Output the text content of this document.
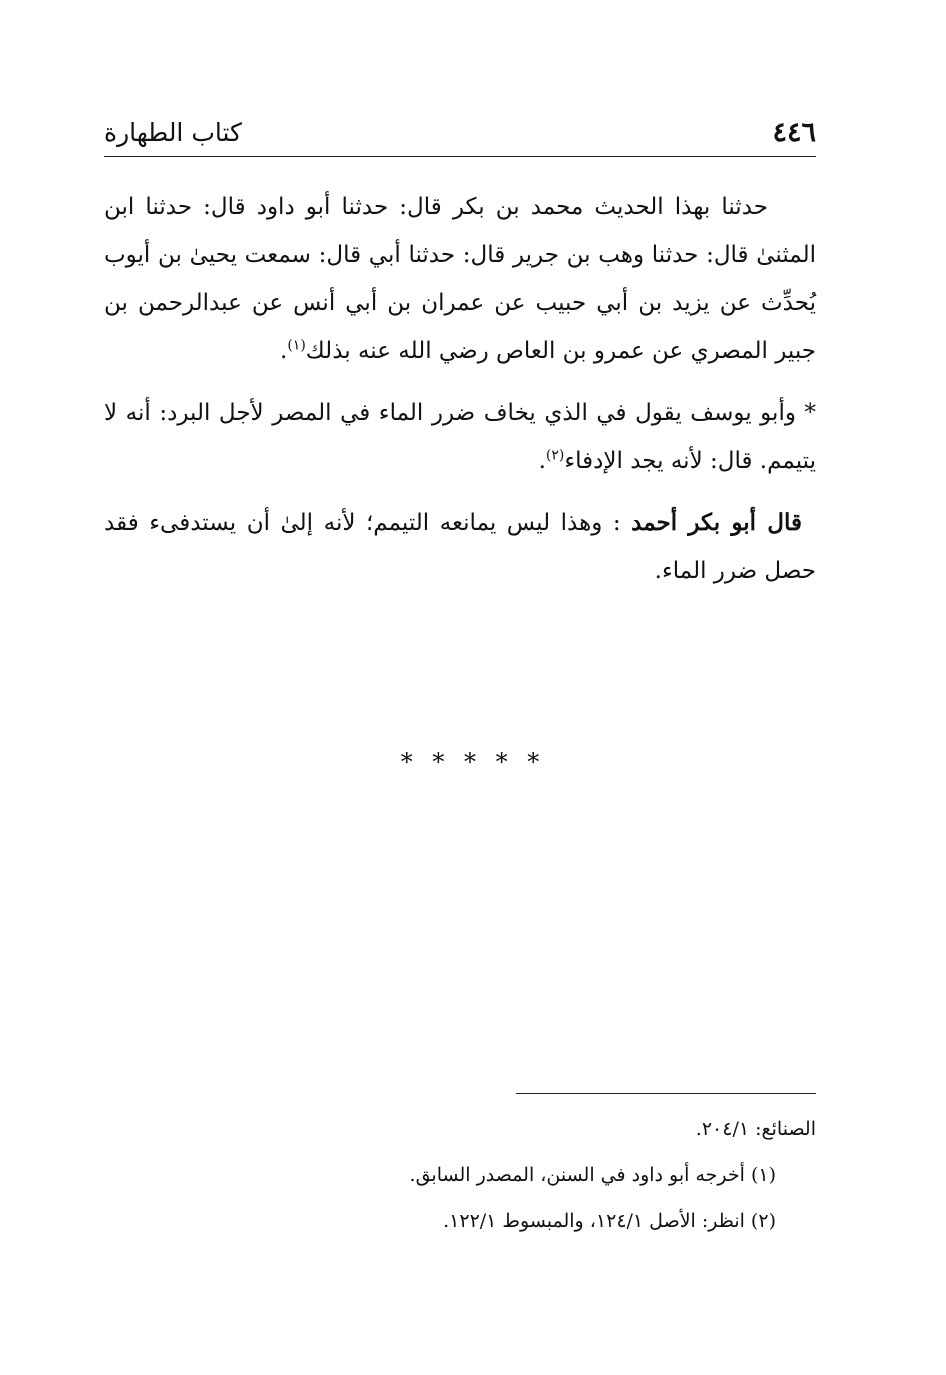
٤٤٦
كتاب الطهارة

حدثنا بهذا الحديث محمد بن بكر قال: حدثنا أبو داود قال: حدثنا ابن المثنىٰ قال: حدثنا وهب بن جرير قال: حدثنا أبي قال: سمعت يحيىٰ بن أيوب يُحدِّث عن يزيد بن أبي حبيب عن عمران بن أبي أنس عن عبدالرحمن بن جبير المصري عن عمرو بن العاص رضي الله عنه بذلك$^{(١)}$.

* وأبو يوسف يقول في الذي يخاف ضرر الماء في المصر لأجل البرد: أنه لا يتيمم. قال: لأنه يجد الإدفاء$^{(٢)}$.

قال أبو بكر أحمد : وهذا ليس يمانعه التيمم؛ لأنه إلىٰ أن يستدفىء فقد حصل ضرر الماء.

* * * * *

الصنائع: ٢٠٤/١.

(١) أخرجه أبو داود في السنن، المصدر السابق.

(٢) انظر: الأصل ١٢٤/١، والمبسوط ١٢٢/١.
